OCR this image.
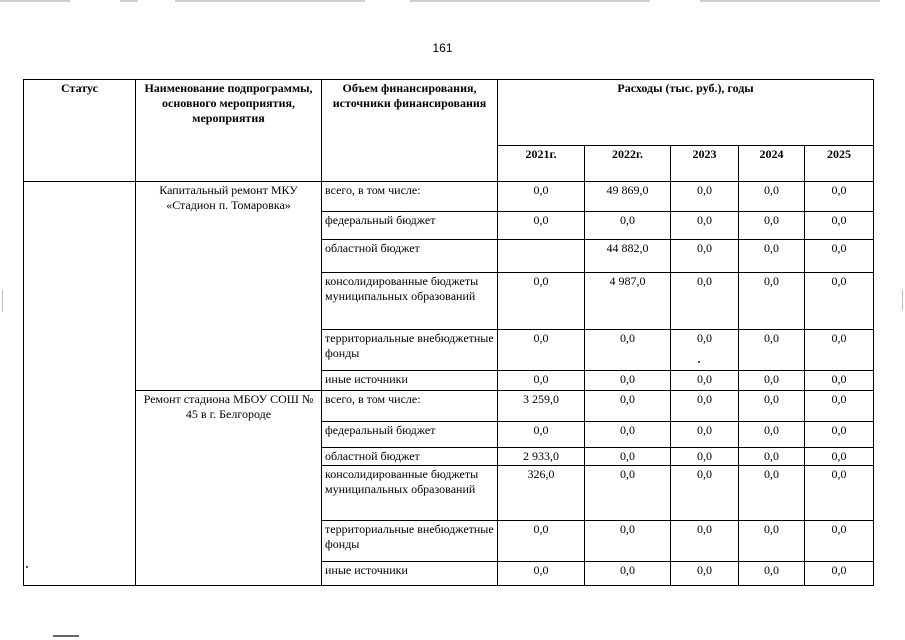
161
Статус	Наименование подпрограммы, основного мероприятия, мероприятия	Объем финансирования, источники финансирования	Расходы (тыс. руб.), годы				
			2021г.	2022г.	2023	2024	2025
	Капитальный ремонт МКУ «Стадион п. Томаровка»	всего, в том числе:	0,0	49 869,0	0,0	0,0	0,0
		федеральный бюджет	0,0	0,0	0,0	0,0	0,0
		областной бюджет		44 882,0	0,0	0,0	0,0
		консолидированные бюджеты муниципальных образований	0,0	4 987,0	0,0	0,0	0,0
		территориальные внебюджетные фонды	0,0	0,0	0,0	0,0	0,0
		иные источники	0,0	0,0	0,0	0,0	0,0
	Ремонт стадиона МБОУ СОШ № 45 в г. Белгороде	всего, в том числе:	3 259,0	0,0	0,0	0,0	0,0
		федеральный бюджет	0,0	0,0	0,0	0,0	0,0
		областной бюджет	2 933,0	0,0	0,0	0,0	0,0
		консолидированные бюджеты муниципальных образований	326,0	0,0	0,0	0,0	0,0
		территориальные внебюджетные фонды	0,0	0,0	0,0	0,0	0,0
		иные источники	0,0	0,0	0,0	0,0	0,0
